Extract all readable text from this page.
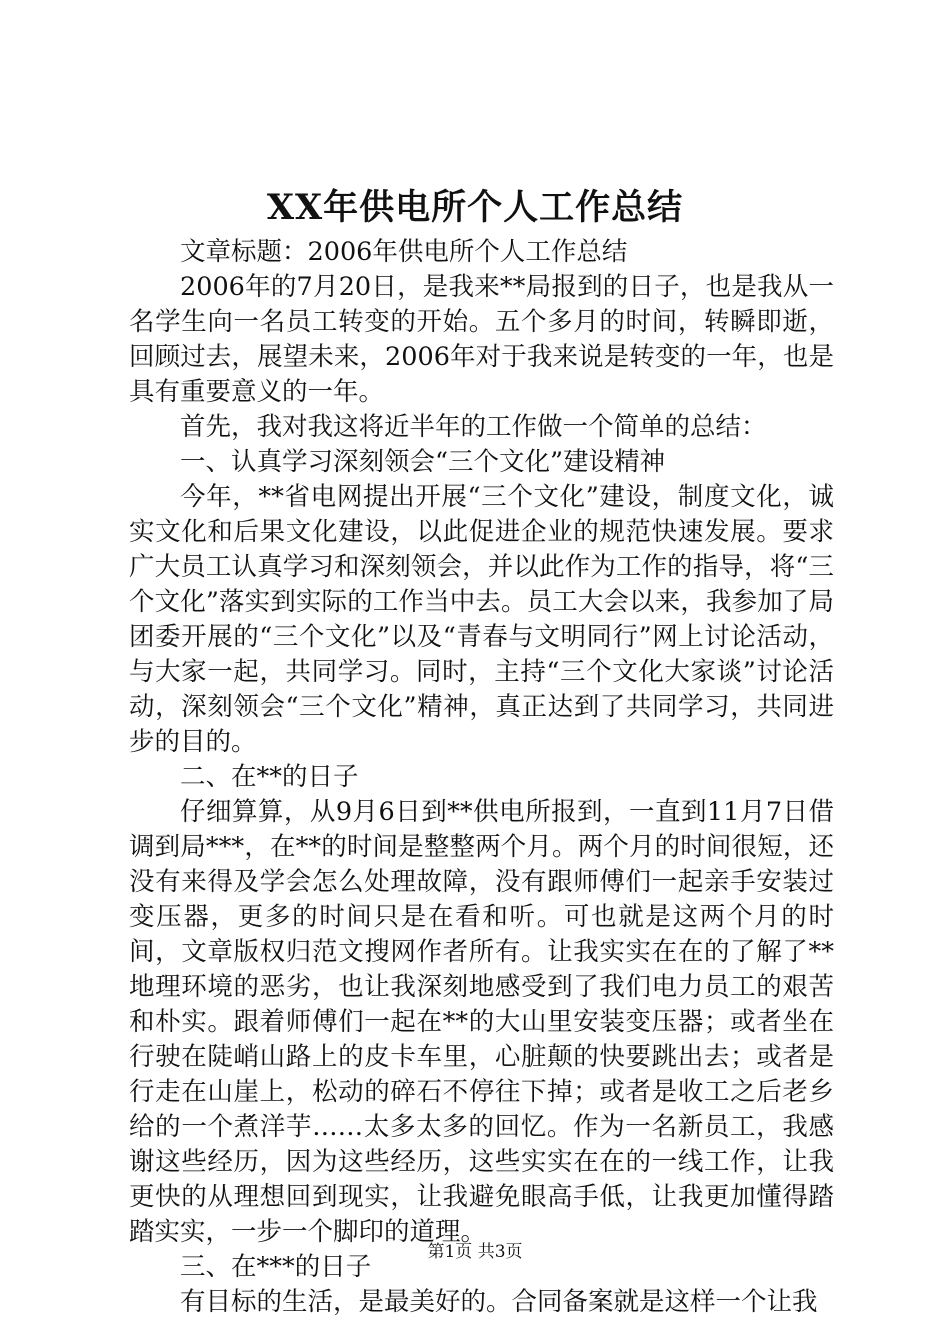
XX年供电所个人工作总结

文章标题：2006年供电所个人工作总结

2006年的7月20日，是我来**局报到的日子，也是我从一名学生向一名员工转变的开始。五个多月的时间，转瞬即逝，回顾过去，展望未来，2006年对于我来说是转变的一年，也是具有重要意义的一年。

首先，我对我这将近半年的工作做一个简单的总结：

一、认真学习深刻领会“三个文化”建设精神

今年，**省电网提出开展“三个文化”建设，制度文化，诚实文化和后果文化建设，以此促进企业的规范快速发展。要求广大员工认真学习和深刻领会，并以此作为工作的指导，将“三个文化”落实到实际的工作当中去。员工大会以来，我参加了局团委开展的“三个文化”以及“青春与文明同行”网上讨论活动，与大家一起，共同学习。同时，主持“三个文化大家谈”讨论活动，深刻领会“三个文化”精神，真正达到了共同学习，共同进步的目的。

二、在**的日子

仔细算算，从9月6日到**供电所报到，一直到11月7日借调到局***，在**的时间是整整两个月。两个月的时间很短，还没有来得及学会怎么处理故障，没有跟师傅们一起亲手安装过变压器，更多的时间只是在看和听。可也就是这两个月的时间，文章版权归范文搜网作者所有。让我实实在在的了解了**地理环境的恶劣，也让我深刻地感受到了我们电力员工的艰苦和朴实。跟着师傅们一起在**的大山里安装变压器；或者坐在行驶在陡峭山路上的皮卡车里，心脏颠的快要跳出去；或者是行走在山崖上，松动的碎石不停往下掉；或者是收工之后老乡给的一个煮洋芋……太多太多的回忆。作为一名新员工，我感谢这些经历，因为这些经历，这些实实在在的一线工作，让我更快的从理想回到现实，让我避免眼高手低，让我更加懂得踏踏实实，一步一个脚印的道理。

三、在***的日子

有目标的生活，是最美好的。合同备案就是这样一个让我

第1页 共3页
